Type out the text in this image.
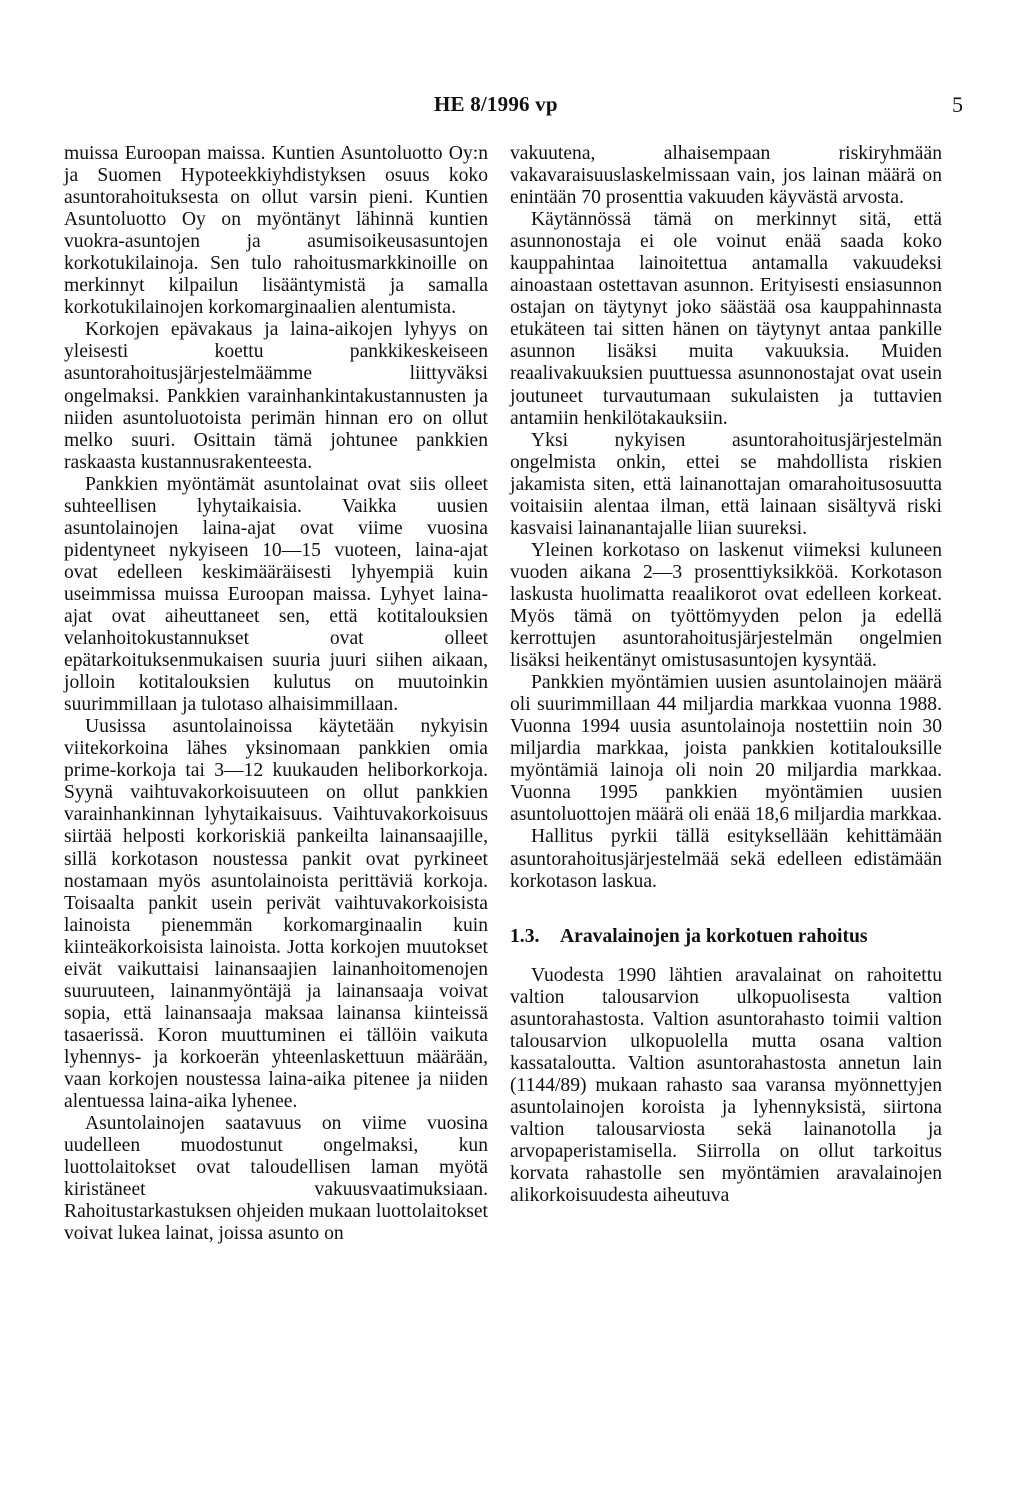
HE 8/1996 vp	5

muissa Euroopan maissa. Kuntien Asuntoluotto Oy:n ja Suomen Hypoteekkiyhdistyksen osuus koko asuntorahoituksesta on ollut varsin pieni. Kuntien Asuntoluotto Oy on myöntänyt lähinnä kuntien vuokra-asuntojen ja asumisoikeusasuntojen korkotukilainoja. Sen tulo rahoitusmarkkinoille on merkinnyt kilpailun lisääntymistä ja samalla korkotukilainojen korkomarginaalien alentumista.

Korkojen epävakaus ja laina-aikojen lyhyys on yleisesti koettu pankkikeskeiseen asuntorahoitusjärjestelmäämme liittyväksi ongelmaksi. Pankkien varainhankintakustannusten ja niiden asuntoluotoista perimän hinnan ero on ollut melko suuri. Osittain tämä johtunee pankkien raskaasta kustannusrakenteesta.

Pankkien myöntämät asuntolainat ovat siis olleet suhteellisen lyhytaikaisia. Vaikka uusien asuntolainojen laina-ajat ovat viime vuosina pidentyneet nykyiseen 10—15 vuoteen, laina-ajat ovat edelleen keskimääräisesti lyhyempiä kuin useimmissa muissa Euroopan maissa. Lyhyet laina-ajat ovat aiheuttaneet sen, että kotitalouksien velanhoitokustannukset ovat olleet epätarkoituksenmukaisen suuria juuri siihen aikaan, jolloin kotitalouksien kulutus on muutoinkin suurimmillaan ja tulotaso alhaisimmillaan.

Uusissa asuntolainoissa käytetään nykyisin viitekorkoina lähes yksinomaan pankkien omia prime-korkoja tai 3—12 kuukauden heliborkorkoja. Syynä vaihtuvakorkoisuuteen on ollut pankkien varainhankinnan lyhytaikaisuus. Vaihtuvakorkoisuus siirtää helposti korkoriskiä pankeilta lainansaajille, sillä korkotason noustessa pankit ovat pyrkineet nostamaan myös asuntolainoista perittäviä korkoja. Toisaalta pankit usein perivät vaihtuvakorkoisista lainoista pienemmän korkomarginaalin kuin kiinteäkorkoisista lainoista. Jotta korkojen muutokset eivät vaikuttaisi lainansaajien lainanhoitomenojen suuruuteen, lainanmyöntäjä ja lainansaaja voivat sopia, että lainansaaja maksaa lainansa kiinteissä tasaerissä. Koron muuttuminen ei tällöin vaikuta lyhennys- ja korkoerän yhteenlaskettuun määrään, vaan korkojen noustessa laina-aika pitenee ja niiden alentuessa laina-aika lyhenee.

Asuntolainojen saatavuus on viime vuosina uudelleen muodostunut ongelmaksi, kun luottolaitokset ovat taloudellisen laman myötä kiristäneet vakuusvaatimuksiaan. Rahoitustarkastuksen ohjeiden mukaan luottolaitokset voivat lukea lainat, joissa asunto on

vakuutena, alhaisempaan riskiryhmään vakavaraisuuslaskelmissaan vain, jos lainan määrä on enintään 70 prosenttia vakuuden käyvästä arvosta.

Käytännössä tämä on merkinnyt sitä, että asunnonostaja ei ole voinut enää saada koko kauppahintaa lainoitettua antamalla vakuudeksi ainoastaan ostettavan asunnon. Erityisesti ensiasunnon ostajan on täytynyt joko säästää osa kauppahinnasta etukäteen tai sitten hänen on täytynyt antaa pankille asunnon lisäksi muita vakuuksia. Muiden reaalivakuuksien puuttuessa asunnonostajat ovat usein joutuneet turvautumaan sukulaisten ja tuttavien antamiin henkilötakauksiin.

Yksi nykyisen asuntorahoitusjärjestelmän ongelmista onkin, ettei se mahdollista riskien jakamista siten, että lainanottajan omarahoitusosuutta voitaisiin alentaa ilman, että lainaan sisältyvä riski kasvaisi lainanantajalle liian suureksi.

Yleinen korkotaso on laskenut viimeksi kuluneen vuoden aikana 2—3 prosenttiyksikköä. Korkotason laskusta huolimatta reaalikorot ovat edelleen korkeat. Myös tämä on työttömyyden pelon ja edellä kerrottujen asuntorahoitusjärjestelmän ongelmien lisäksi heikentänyt omistusasuntojen kysyntää.

Pankkien myöntämien uusien asuntolainojen määrä oli suurimmillaan 44 miljardia markkaa vuonna 1988. Vuonna 1994 uusia asuntolainoja nostettiin noin 30 miljardia markkaa, joista pankkien kotitalouksille myöntämiä lainoja oli noin 20 miljardia markkaa. Vuonna 1995 pankkien myöntämien uusien asuntoluottojen määrä oli enää 18,6 miljardia markkaa.

Hallitus pyrkii tällä esityksellään kehittämään asuntorahoitusjärjestelmää sekä edelleen edistämään korkotason laskua.

1.3. Aravalainojen ja korkotuen rahoitus

Vuodesta 1990 lähtien aravalainat on rahoitettu valtion talousarvion ulkopuolisesta valtion asuntorahastosta. Valtion asuntorahasto toimii valtion talousarvion ulkopuolella mutta osana valtion kassataloutta. Valtion asuntorahastosta annetun lain (1144/89) mukaan rahasto saa varansa myönnettyjen asuntolainojen koroista ja lyhennyksistä, siirtona valtion talousarviosta sekä lainanotolla ja arvopaperistamisella. Siirrolla on ollut tarkoitus korvata rahastolle sen myöntämien aravalainojen alikorkoisuudesta aiheutuva
